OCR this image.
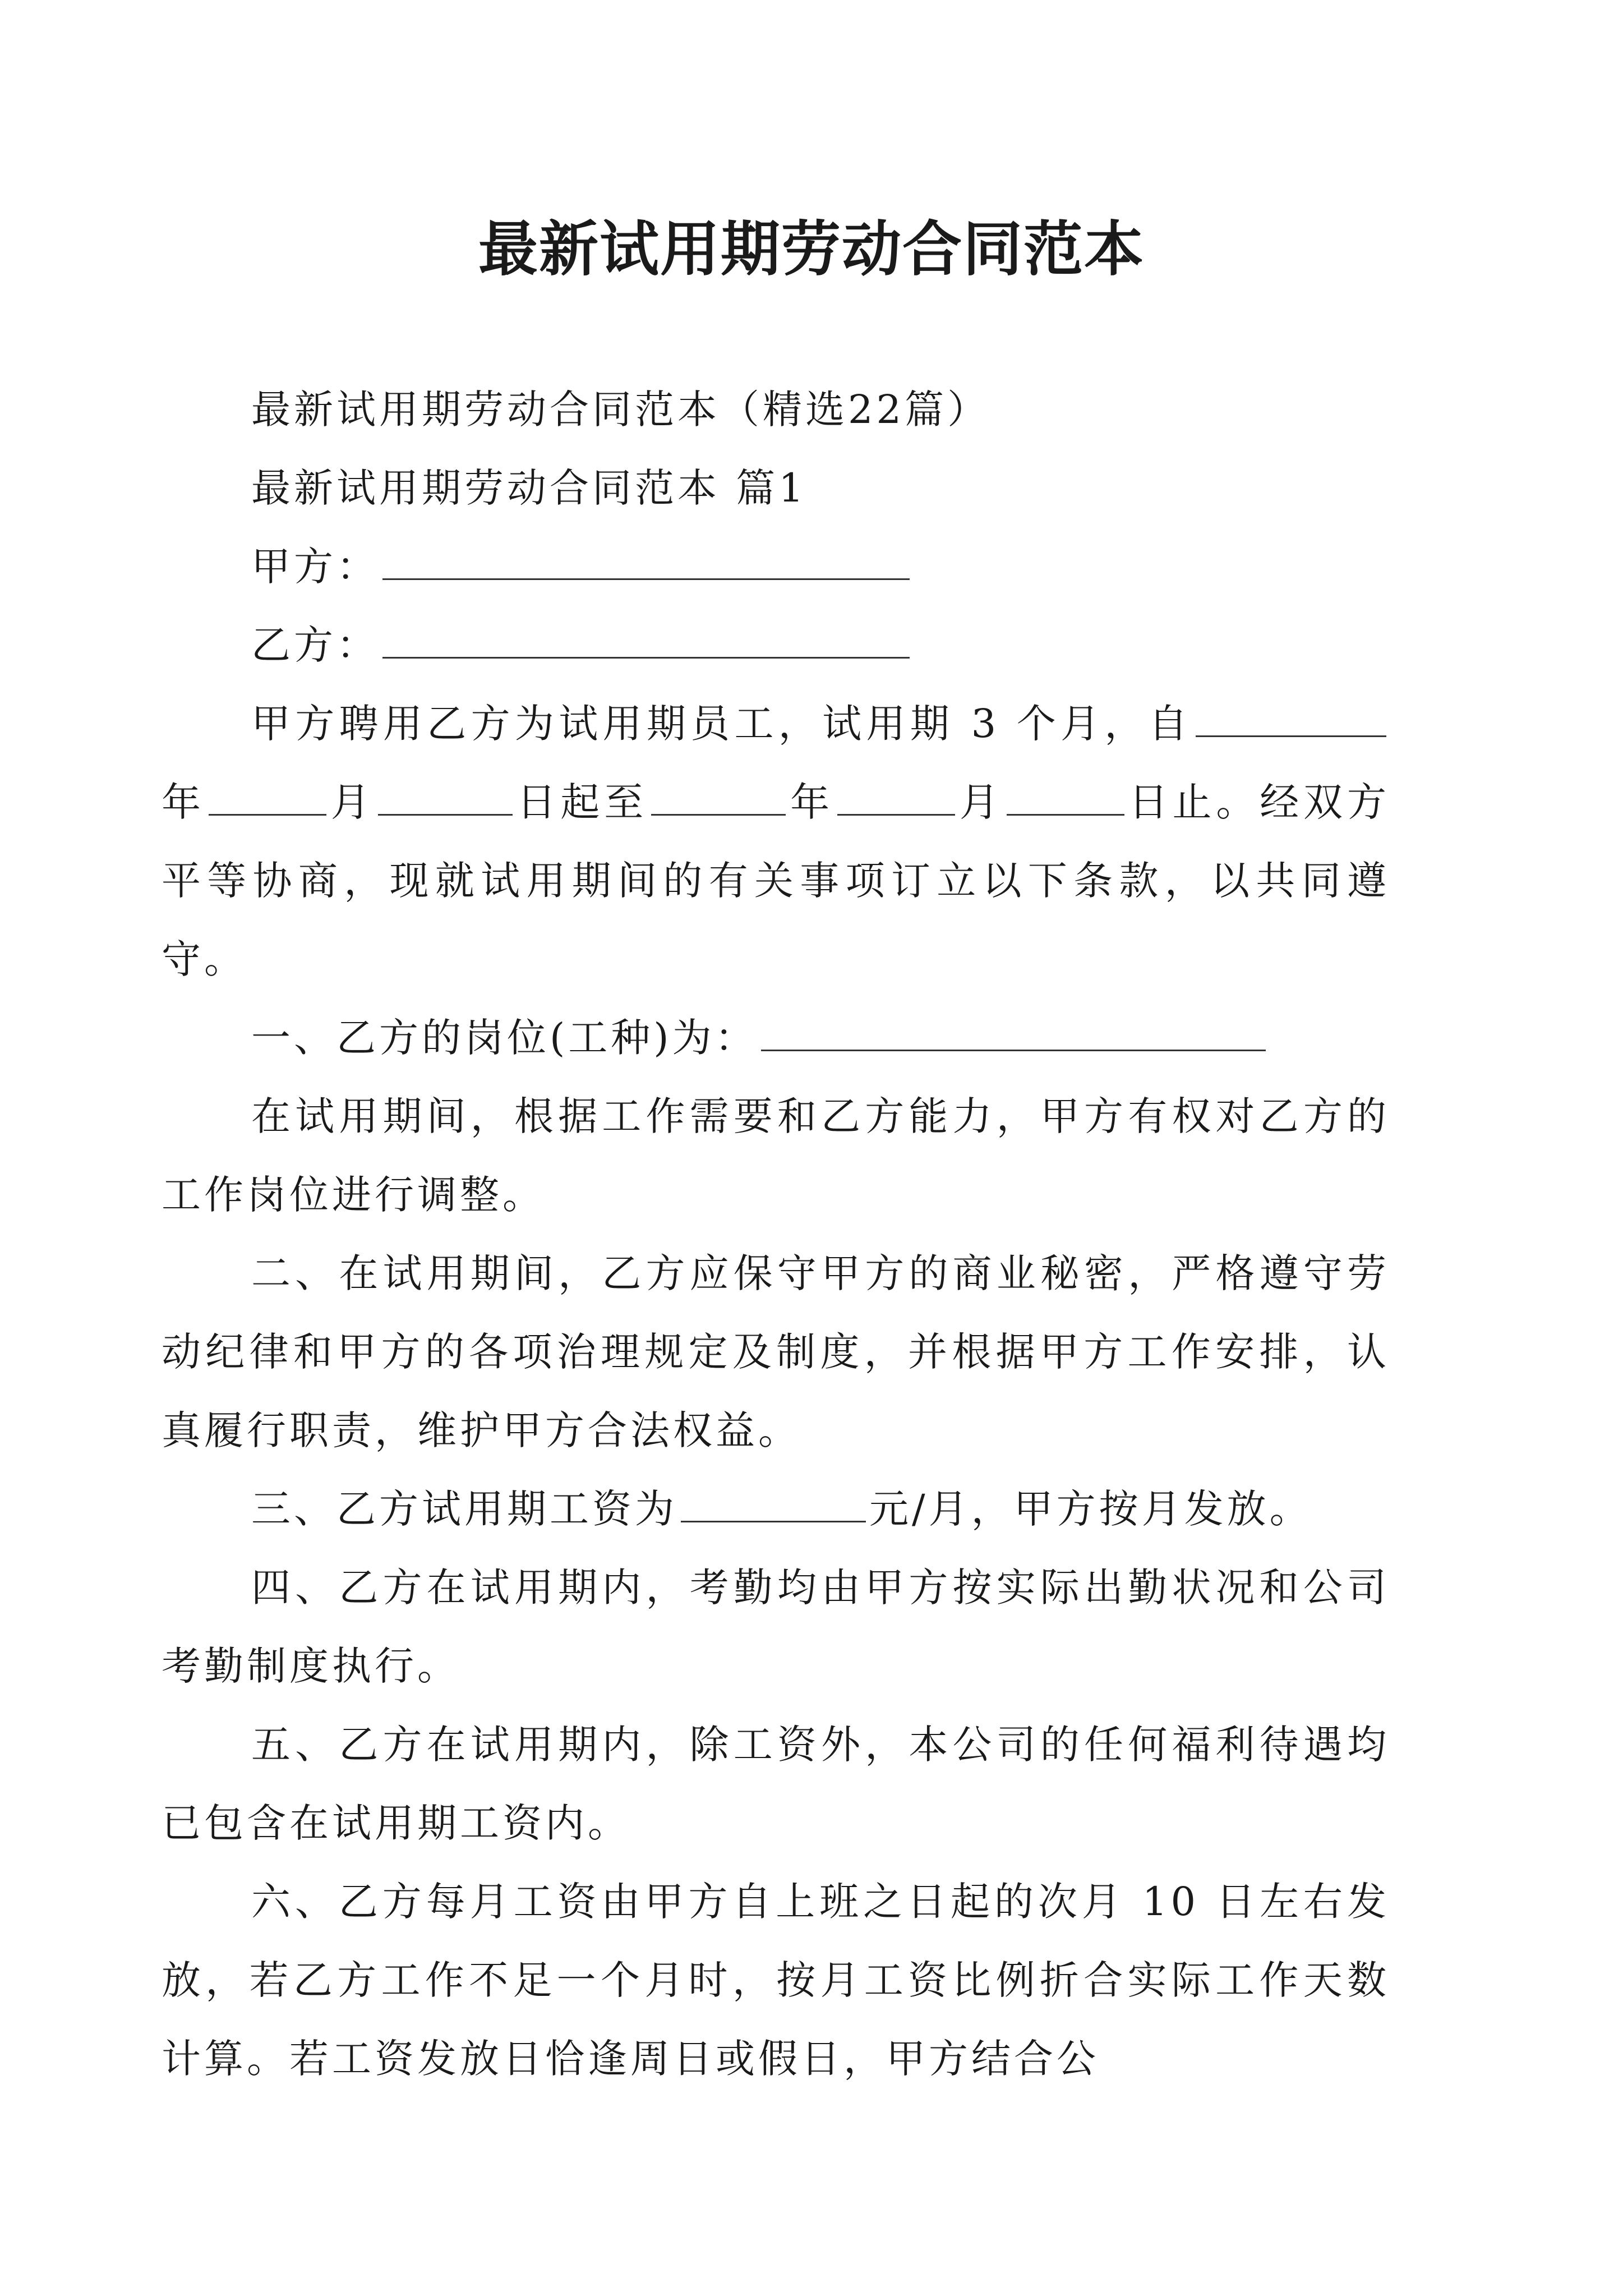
最新试用期劳动合同范本

最新试用期劳动合同范本（精选22篇）

最新试用期劳动合同范本 篇1

甲方：

乙方：

甲方聘用乙方为试用期员工，试用期 3 个月，自年	月	日起至	年	月	日止。经双方平等协商，现就试用期间的有关事项订立以下条款，以共同遵守。

一、乙方的岗位(工种)为：

在试用期间，根据工作需要和乙方能力，甲方有权对乙方的工作岗位进行调整。

二、在试用期间，乙方应保守甲方的商业秘密，严格遵守劳动纪律和甲方的各项治理规定及制度，并根据甲方工作安排，认真履行职责，维护甲方合法权益。

三、乙方试用期工资为	元/月，甲方按月发放。

四、乙方在试用期内，考勤均由甲方按实际出勤状况和公司考勤制度执行。

五、乙方在试用期内，除工资外，本公司的任何福利待遇均已包含在试用期工资内。

六、乙方每月工资由甲方自上班之日起的次月 10 日左右发放，若乙方工作不足一个月时，按月工资比例折合实际工作天数计算。若工资发放日恰逢周日或假日，甲方结合公
